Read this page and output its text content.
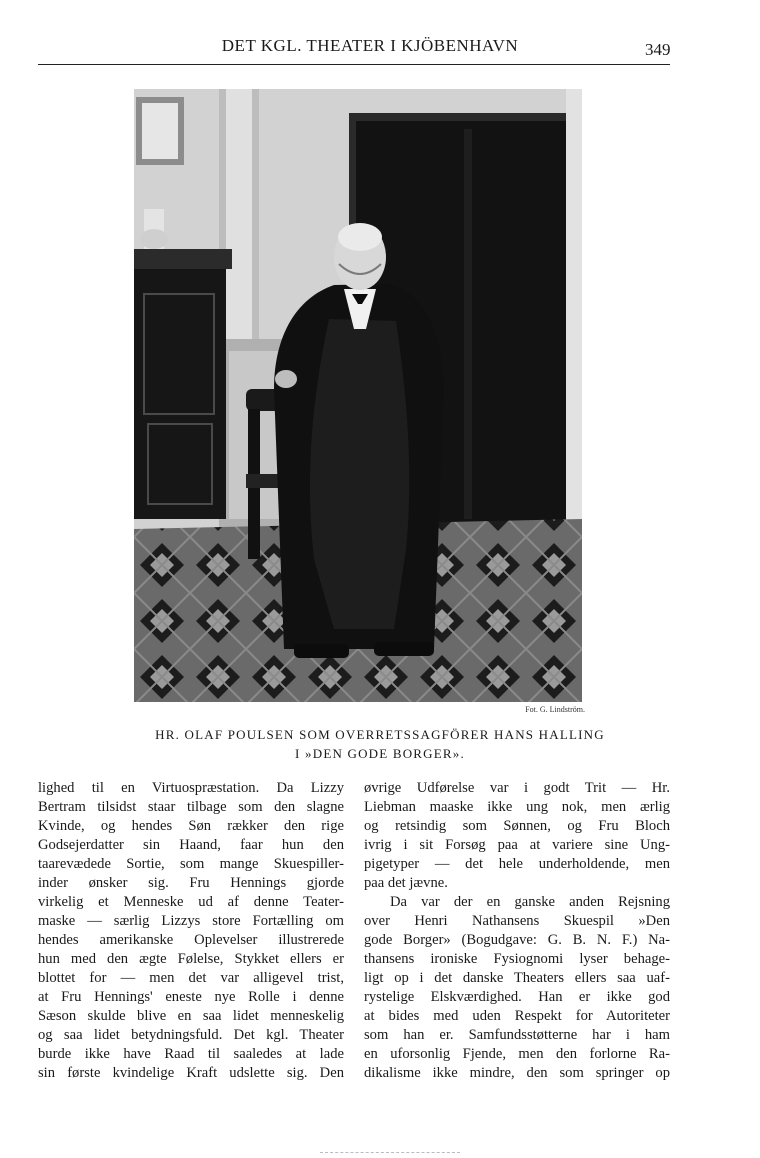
DET KGL. THEATER I KJÖBENHAVN	349
Fot. G. Lindström.
HR. OLAF POULSEN SOM OVERRETSSAGFÖRER HANS HALLING
I »DEN GODE BORGER».
lighed til en Virtuospræstation. Da Lizzy
Bertram tilsidst staar tilbage som den slagne
Kvinde, og hendes Søn rækker den rige
Godsejerdatter sin Haand, faar hun den
taarevædede Sortie, som mange Skuespiller-
inder ønsker sig. Fru Hennings gjorde
virkelig et Menneske ud af denne Teater-
maske — særlig Lizzys store Fortælling om
hendes amerikanske Oplevelser illustrerede
hun med den ægte Følelse, Stykket ellers er
blottet for — men det var alligevel trist,
at Fru Hennings' eneste nye Rolle i denne
Sæson skulde blive en saa lidet menneskelig
og saa lidet betydningsfuld. Det kgl. Theater
burde ikke have Raad til saaledes at lade
sin første kvindelige Kraft udslette sig. Den
øvrige Udførelse var i godt Trit — Hr.
Liebman maaske ikke ung nok, men ærlig
og retsindig som Sønnen, og Fru Bloch
ivrig i sit Forsøg paa at variere sine Ung-
pigetyper — det hele underholdende, men
paa det jævne.
Da var der en ganske anden Rejsning
over Henri Nathansens Skuespil »Den
gode Borger» (Bogudgave: G. B. N. F.) Na-
thansens ironiske Fysiognomi lyser behage-
ligt op i det danske Theaters ellers saa uaf-
rystelige Elskværdighed. Han er ikke god
at bides med uden Respekt for Autoriteter
som han er. Samfundsstøtterne har i ham
en uforsonlig Fjende, men den forlorne Ra-
dikalisme ikke mindre, den som springer op
